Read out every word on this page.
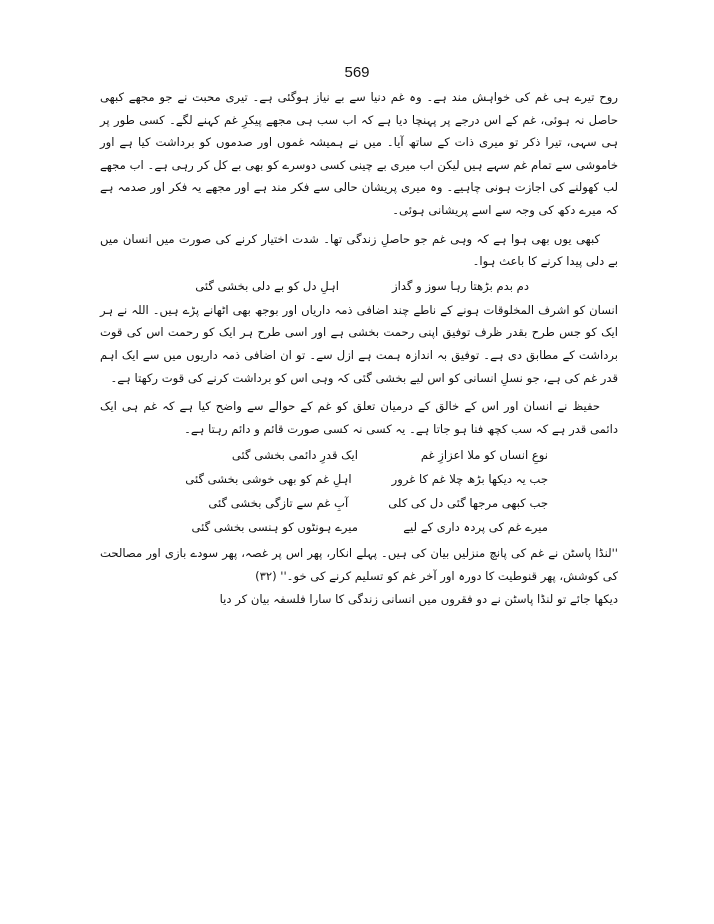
569

روح تیرے ہی غم کی خواہش مند ہے۔ وہ غم دنیا سے بے نیاز ہوگئی ہے۔ تیری محبت نے جو مجھے کبھی حاصل نہ ہوئی، غم کے اس درجے پر پہنچا دیا ہے کہ اب سب ہی مجھے پیکرِ غم کہنے لگے۔ کسی طور پر ہی سہی، تیرا ذکر تو میری ذات کے ساتھ آیا۔ میں نے ہمیشہ غموں اور صدموں کو برداشت کیا ہے اور خاموشی سے تمام غم سہے ہیں لیکن اب میری بے چینی کسی دوسرے کو بھی بے کل کر رہی ہے۔ اب مجھے لب کھولنے کی اجازت ہونی چاہیے۔ وہ میری پریشان حالی سے فکر مند ہے اور مجھے یہ فکر اور صدمہ ہے کہ میرے دکھ کی وجہ سے اسے پریشانی ہوئی۔

کبھی یوں بھی ہوا ہے کہ وہی غم جو حاصلِ زندگی تھا۔ شدت اختیار کرنے کی صورت میں انسان میں بے دلی پیدا کرنے کا باعث ہوا۔

دم بدم بڑھتا رہا سوز و گداز
اہلِ دل کو بے دلی بخشی گئی

انسان کو اشرف المخلوقات ہونے کے ناطے چند اضافی ذمہ داریاں اور بوجھ بھی اٹھانے پڑے ہیں۔ اللہ نے ہر ایک کو جس طرح بقدر ظرف توفیق اپنی رحمت بخشی ہے اور اسی طرح ہر ایک کو رحمت اس کی قوت برداشت کے مطابق دی ہے۔ توفیق بہ اندازہ ہمت ہے ازل سے۔ تو ان اضافی ذمہ داریوں میں سے ایک اہم قدر غم کی ہے، جو نسلِ انسانی کو اس لیے بخشی گئی کہ وہی اس کو برداشت کرنے کی قوت رکھتا ہے۔

حفیظ نے انسان اور اس کے خالق کے درمیان تعلق کو غم کے حوالے سے واضح کیا ہے کہ غم ہی ایک دائمی قدر ہے کہ سب کچھ فنا ہو جاتا ہے۔ یہ کسی نہ کسی صورت قائم و دائم رہتا ہے۔

نوعِ انساں کو ملا اعزازِ غم
ایک قدرِ دائمی بخشی گئی
جب یہ دیکھا بڑھ چلا غم کا غرور
اہلِ غم کو بھی خوشی بخشی گئی
جب کبھی مرجھا گئی دل کی کلی
آبِ غم سے تازگی بخشی گئی
میرے غم کی پردہ داری کے لیے
میرے ہونٹوں کو ہنسی بخشی گئی

''لنڈا پاسٹن نے غم کی پانچ منزلیں بیان کی ہیں۔ پہلے انکار، پھر اس پر غصہ، پھر سودے بازی اور مصالحت کی کوشش، پھر قنوطیت کا دورہ اور آخر غم کو تسلیم کرنے کی خو۔'' (۳۲)

دیکھا جائے تو لنڈا پاسٹن نے دو فقروں میں انسانی زندگی کا سارا فلسفہ بیان کر دیا
